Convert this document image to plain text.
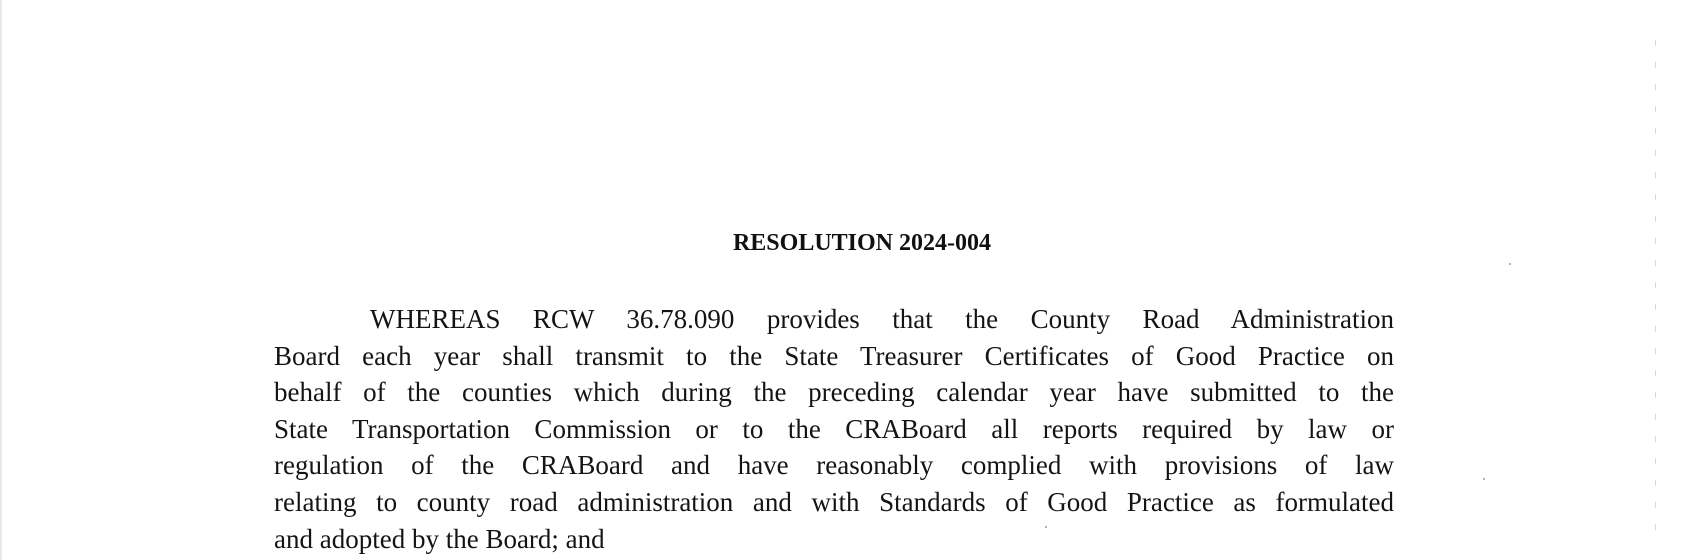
RESOLUTION 2024-004
WHEREAS RCW 36.78.090 provides that the County Road Administration
Board each year shall transmit to the State Treasurer Certificates of Good Practice on
behalf of the counties which during the preceding calendar year have submitted to the
State Transportation Commission or to the CRABoard all reports required by law or
regulation of the CRABoard and have reasonably complied with provisions of law
relating to county road administration and with Standards of Good Practice as formulated
and adopted by the Board; and
